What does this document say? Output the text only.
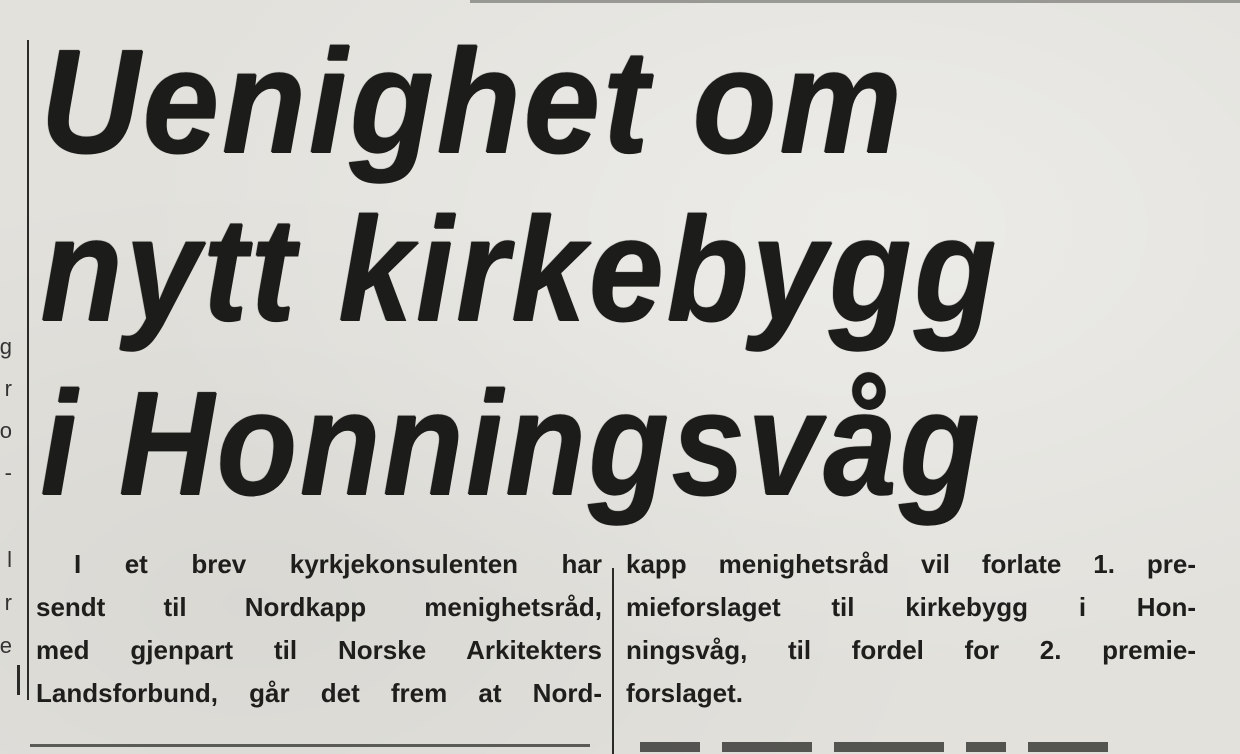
g
r
o
-
l
r
e
Uenighet om
nytt kirkebygg
i Honningsvåg
I et brev kyrkjekonsulenten har
sendt til Nordkapp menighetsråd,
med gjenpart til Norske Arkitekters
Landsforbund, går det frem at Nord-
kapp menighetsråd vil forlate 1. pre-
mieforslaget til kirkebygg i Hon-
ningsvåg, til fordel for 2. premie-
forslaget.
